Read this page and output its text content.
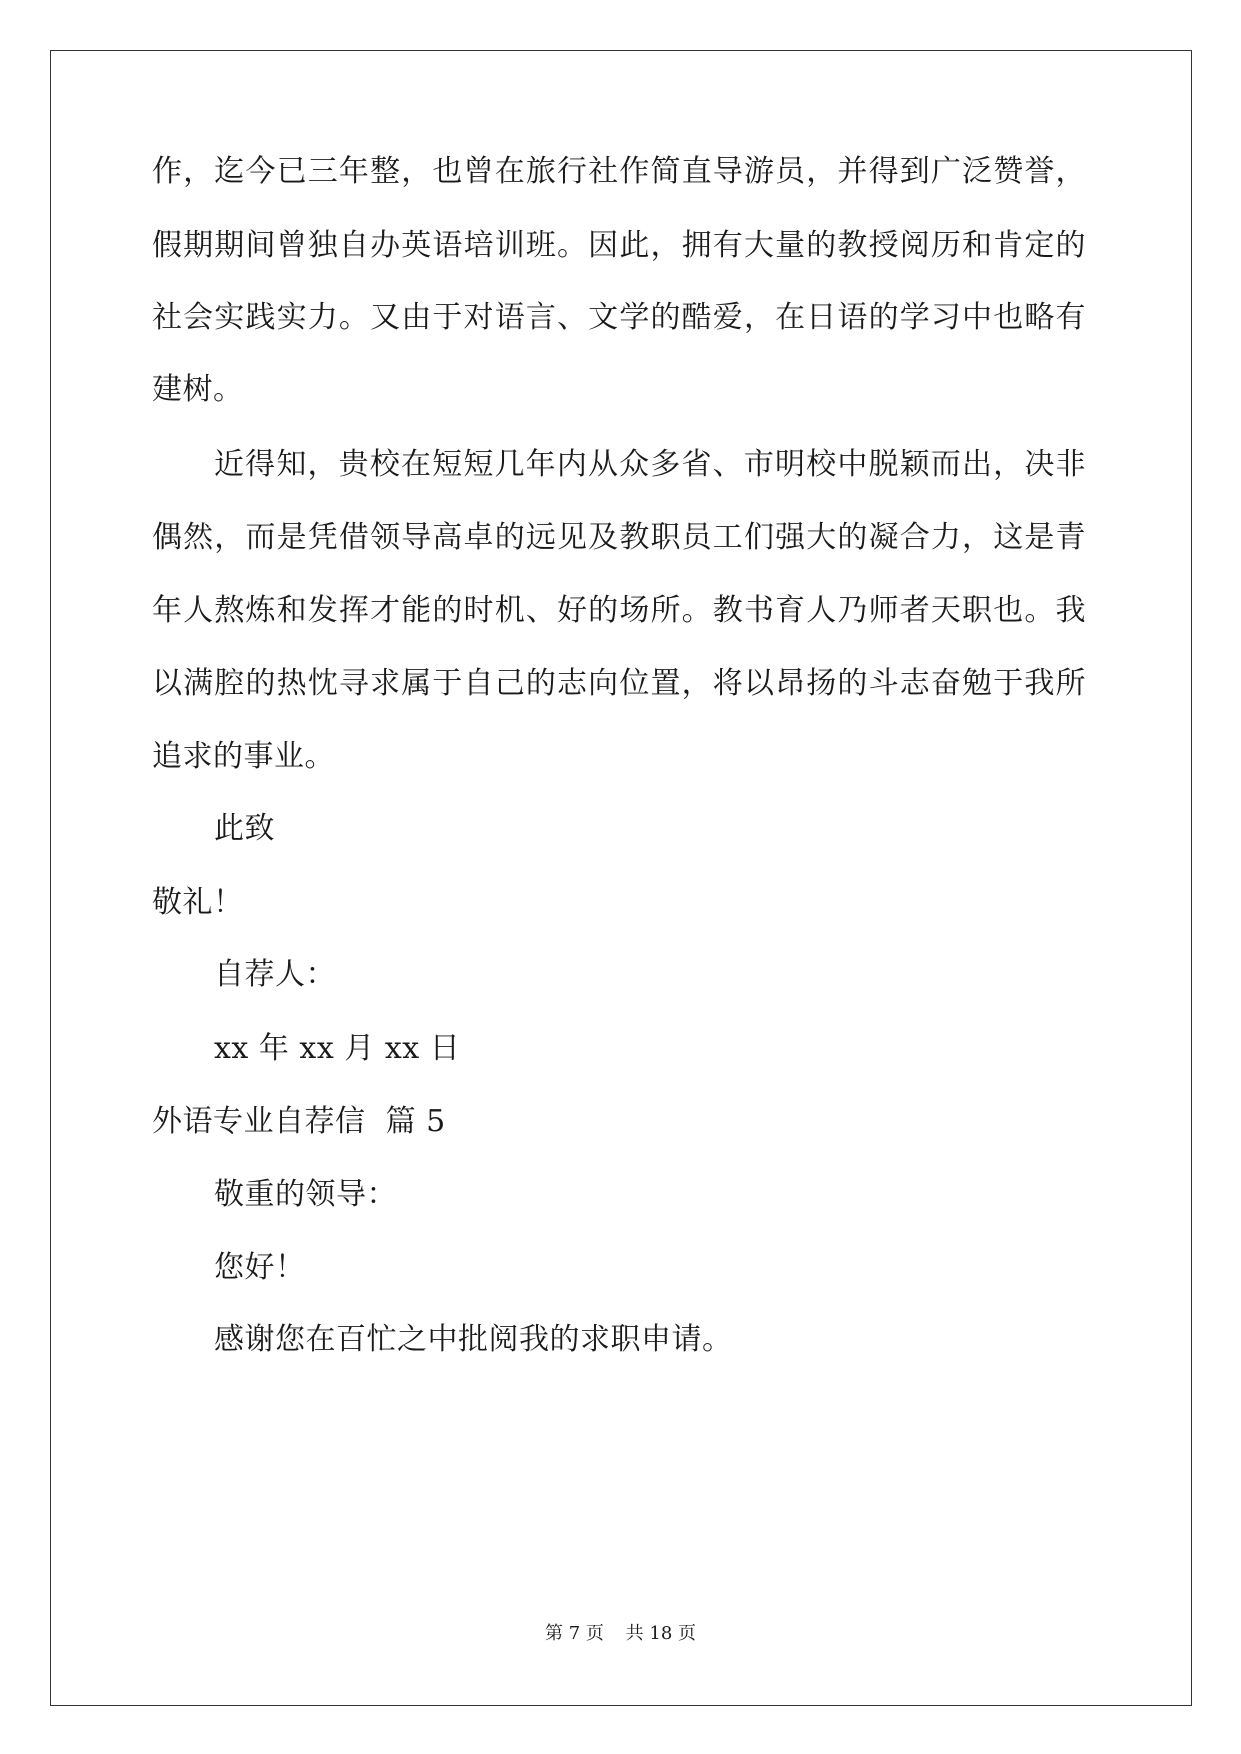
作，迄今已三年整，也曾在旅行社作简直导游员，并得到广泛赞誉，
假期期间曾独自办英语培训班。因此，拥有大量的教授阅历和肯定的
社会实践实力。又由于对语言、文学的酷爱，在日语的学习中也略有
建树。
近得知，贵校在短短几年内从众多省、市明校中脱颖而出，决非
偶然，而是凭借领导高卓的远见及教职员工们强大的凝合力，这是青
年人熬炼和发挥才能的时机、好的场所。教书育人乃师者天职也。我
以满腔的热忱寻求属于自己的志向位置，将以昂扬的斗志奋勉于我所
追求的事业。
此致
敬礼！
自荐人：
xx 年 xx 月 xx 日
外语专业自荐信  篇 5
敬重的领导：
您好！
感谢您在百忙之中批阅我的求职申请。
第 7 页 共 18 页
